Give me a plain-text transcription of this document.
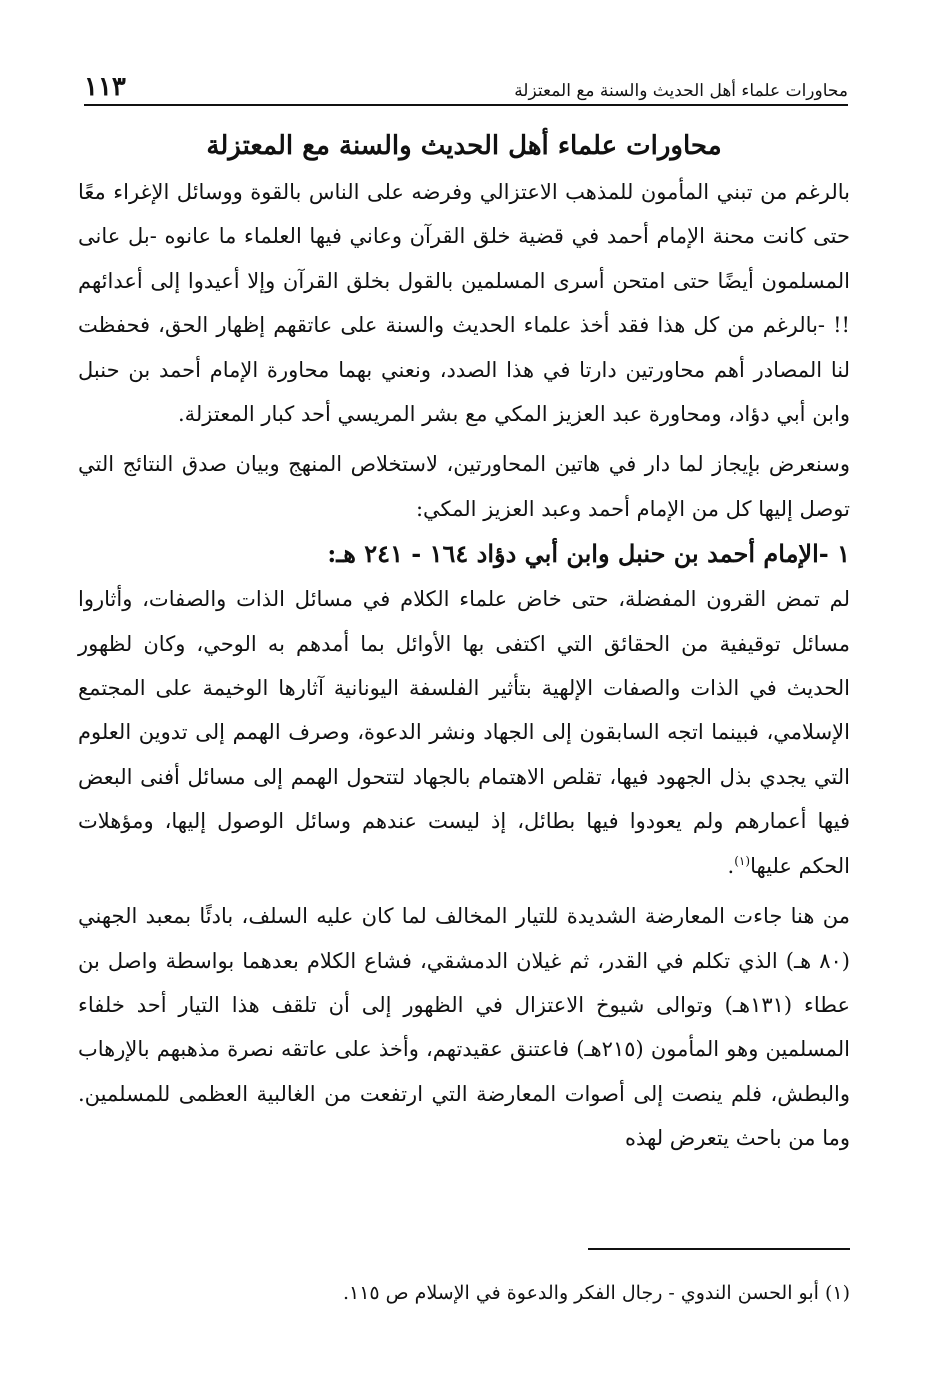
محاورات علماء أهل الحديث والسنة مع المعتزلة
١١٣
محاورات علماء أهل الحديث والسنة مع المعتزلة

بالرغم من تبني المأمون للمذهب الاعتزالي وفرضه على الناس بالقوة ووسائل الإغراء معًا حتى كانت محنة الإمام أحمد في قضية خلق القرآن وعاني فيها العلماء ما عانوه -بل عانى المسلمون أيضًا حتى امتحن أسرى المسلمين بالقول بخلق القرآن وإلا أعيدوا إلى أعدائهم !! -بالرغم من كل هذا فقد أخذ علماء الحديث والسنة على عاتقهم إظهار الحق، فحفظت لنا المصادر أهم محاورتين دارتا في هذا الصدد، ونعني بهما محاورة الإمام أحمد بن حنبل وابن أبي دؤاد، ومحاورة عبد العزيز المكي مع بشر المريسي أحد كبار المعتزلة.

وسنعرض بإيجاز لما دار في هاتين المحاورتين، لاستخلاص المنهج وبيان صدق النتائج التي توصل إليها كل من الإمام أحمد وعبد العزيز المكي:

١ -الإمام أحمد بن حنبل وابن أبي دؤاد ١٦٤ - ٢٤١ هـ:

لم تمض القرون المفضلة، حتى خاض علماء الكلام في مسائل الذات والصفات، وأثاروا مسائل توقيفية من الحقائق التي اكتفى بها الأوائل بما أمدهم به الوحي، وكان لظهور الحديث في الذات والصفات الإلهية بتأثير الفلسفة اليونانية آثارها الوخيمة على المجتمع الإسلامي، فبينما اتجه السابقون إلى الجهاد ونشر الدعوة، وصرف الهمم إلى تدوين العلوم التي يجدي بذل الجهود فيها، تقلص الاهتمام بالجهاد لتتحول الهمم إلى مسائل أفنى البعض فيها أعمارهم ولم يعودوا فيها بطائل، إذ ليست عندهم وسائل الوصول إليها، ومؤهلات الحكم عليها$^{(١)}$.

من هنا جاءت المعارضة الشديدة للتيار المخالف لما كان عليه السلف، بادئًا بمعبد الجهني (٨٠ هـ) الذي تكلم في القدر، ثم غيلان الدمشقي، فشاع الكلام بعدهما بواسطة واصل بن عطاء (١٣١هـ) وتوالى شيوخ الاعتزال في الظهور إلى أن تلقف هذا التيار أحد خلفاء المسلمين وهو المأمون (٢١٥هـ) فاعتنق عقيدتهم، وأخذ على عاتقه نصرة مذهبهم بالإرهاب والبطش، فلم ينصت إلى أصوات المعارضة التي ارتفعت من الغالبية العظمى للمسلمين. وما من باحث يتعرض لهذه

(١) أبو الحسن الندوي - رجال الفكر والدعوة في الإسلام ص ١١٥.
